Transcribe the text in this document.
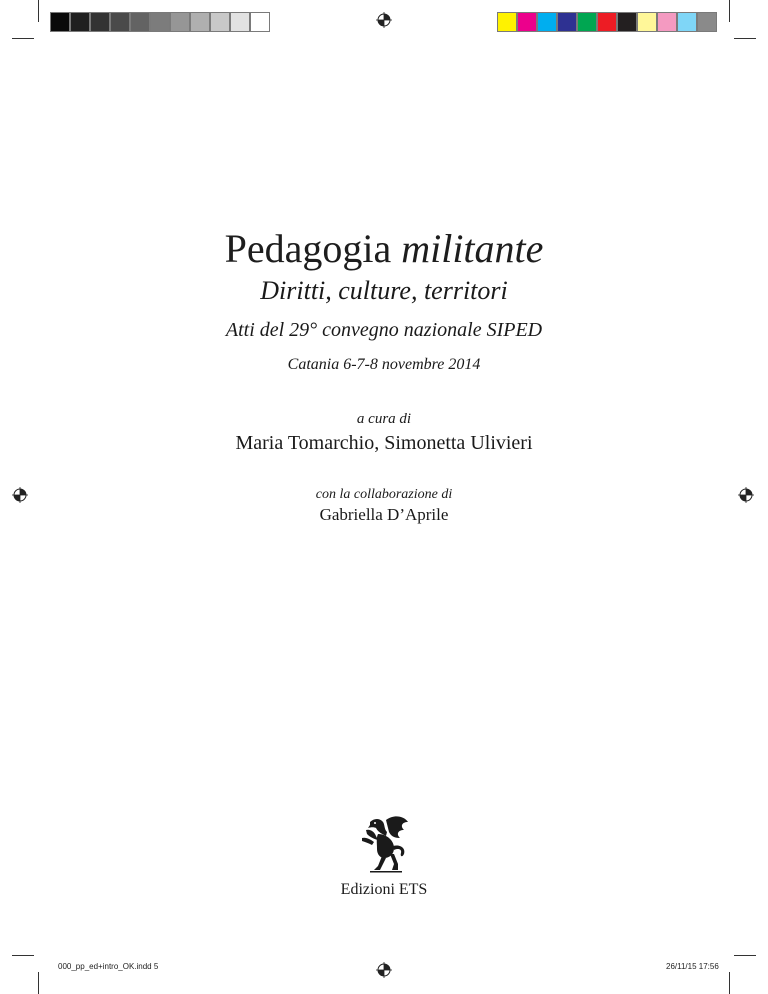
Pedagogia militante
Diritti, culture, territori
Atti del 29° convegno nazionale SIPED
Catania 6-7-8 novembre 2014
a cura di
Maria Tomarchio, Simonetta Ulivieri
con la collaborazione di
Gabriella D’Aprile
Edizioni ETS
000_pp_ed+intro_OK.indd 5	26/11/15 17:56
